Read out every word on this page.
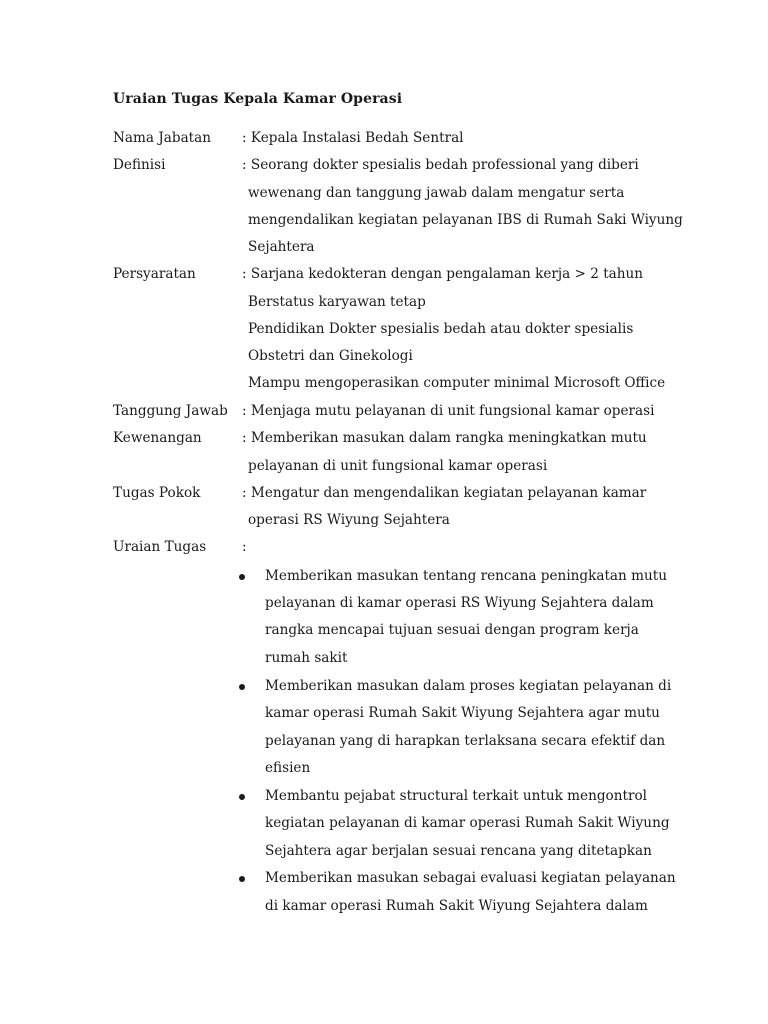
Uraian Tugas Kepala Kamar Operasi
Nama Jabatan : Kepala Instalasi Bedah Sentral
Definisi	: Seorang dokter spesialis bedah professional yang diberi
wewenang dan tanggung jawab dalam mengatur serta
mengendalikan kegiatan pelayanan IBS di Rumah Saki Wiyung
Sejahtera
Persyaratan	: Sarjana kedokteran dengan pengalaman kerja > 2 tahun
Berstatus karyawan tetap
Pendidikan Dokter spesialis bedah atau dokter spesialis
Obstetri dan Ginekologi
Mampu mengoperasikan computer minimal Microsoft Office
Tanggung Jawab : Menjaga mutu pelayanan di unit fungsional kamar operasi
Kewenangan	: Memberikan masukan dalam rangka meningkatkan mutu
pelayanan di unit fungsional kamar operasi
Tugas Pokok	: Mengatur dan mengendalikan kegiatan pelayanan kamar
operasi RS Wiyung Sejahtera
Uraian Tugas	:
Memberikan masukan tentang rencana peningkatan mutu
pelayanan di kamar operasi RS Wiyung Sejahtera dalam
rangka mencapai tujuan sesuai dengan program kerja
rumah sakit
Memberikan masukan dalam proses kegiatan pelayanan di
kamar operasi Rumah Sakit Wiyung Sejahtera agar mutu
pelayanan yang di harapkan terlaksana secara efektif dan
efisien
Membantu pejabat structural terkait untuk mengontrol
kegiatan pelayanan di kamar operasi Rumah Sakit Wiyung
Sejahtera agar berjalan sesuai rencana yang ditetapkan
Memberikan masukan sebagai evaluasi kegiatan pelayanan
di kamar operasi Rumah Sakit Wiyung Sejahtera dalam
